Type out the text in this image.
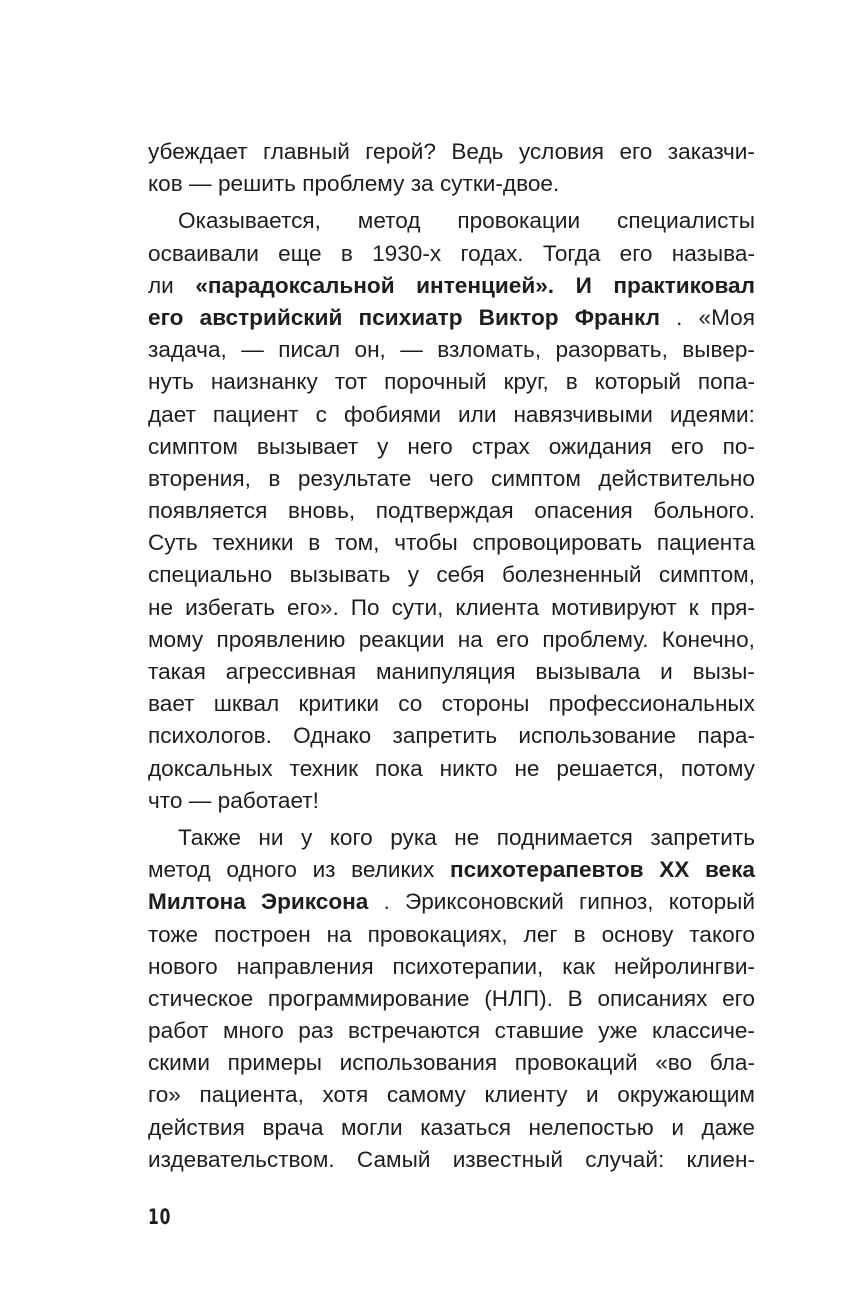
убеждает главный герой? Ведь условия его заказчи-
ков — решить проблему за сутки-двое.
Оказывается, метод провокации специалисты
осваивали еще в 1930-х годах. Тогда его называ-
ли «парадоксальной интенцией». И практиковал
его австрийский психиатр Виктор Франкл . «Моя
задача, — писал он, — взломать, разорвать, вывер-
нуть наизнанку тот порочный круг, в который попа-
дает пациент с фобиями или навязчивыми идеями:
симптом вызывает у него страх ожидания его по-
вторения, в результате чего симптом действительно
появляется вновь, подтверждая опасения больного.
Суть техники в том, чтобы спровоцировать пациента
специально вызывать у себя болезненный симптом,
не избегать его». По сути, клиента мотивируют к пря-
мому проявлению реакции на его проблему. Конечно,
такая агрессивная манипуляция вызывала и вызы-
вает шквал критики со стороны профессиональных
психологов. Однако запретить использование пара-
доксальных техник пока никто не решается, потому
что — работает!
Также ни у кого рука не поднимается запретить
метод одного из великих психотерапевтов XX века
Милтона Эриксона . Эриксоновский гипноз, который
тоже построен на провокациях, лег в основу такого
нового направления психотерапии, как нейролингви-
стическое программирование (НЛП). В описаниях его
работ много раз встречаются ставшие уже классиче-
скими примеры использования провокаций «во бла-
го» пациента, хотя самому клиенту и окружающим
действия врача могли казаться нелепостью и даже
издевательством. Самый известный случай: клиен-
10
